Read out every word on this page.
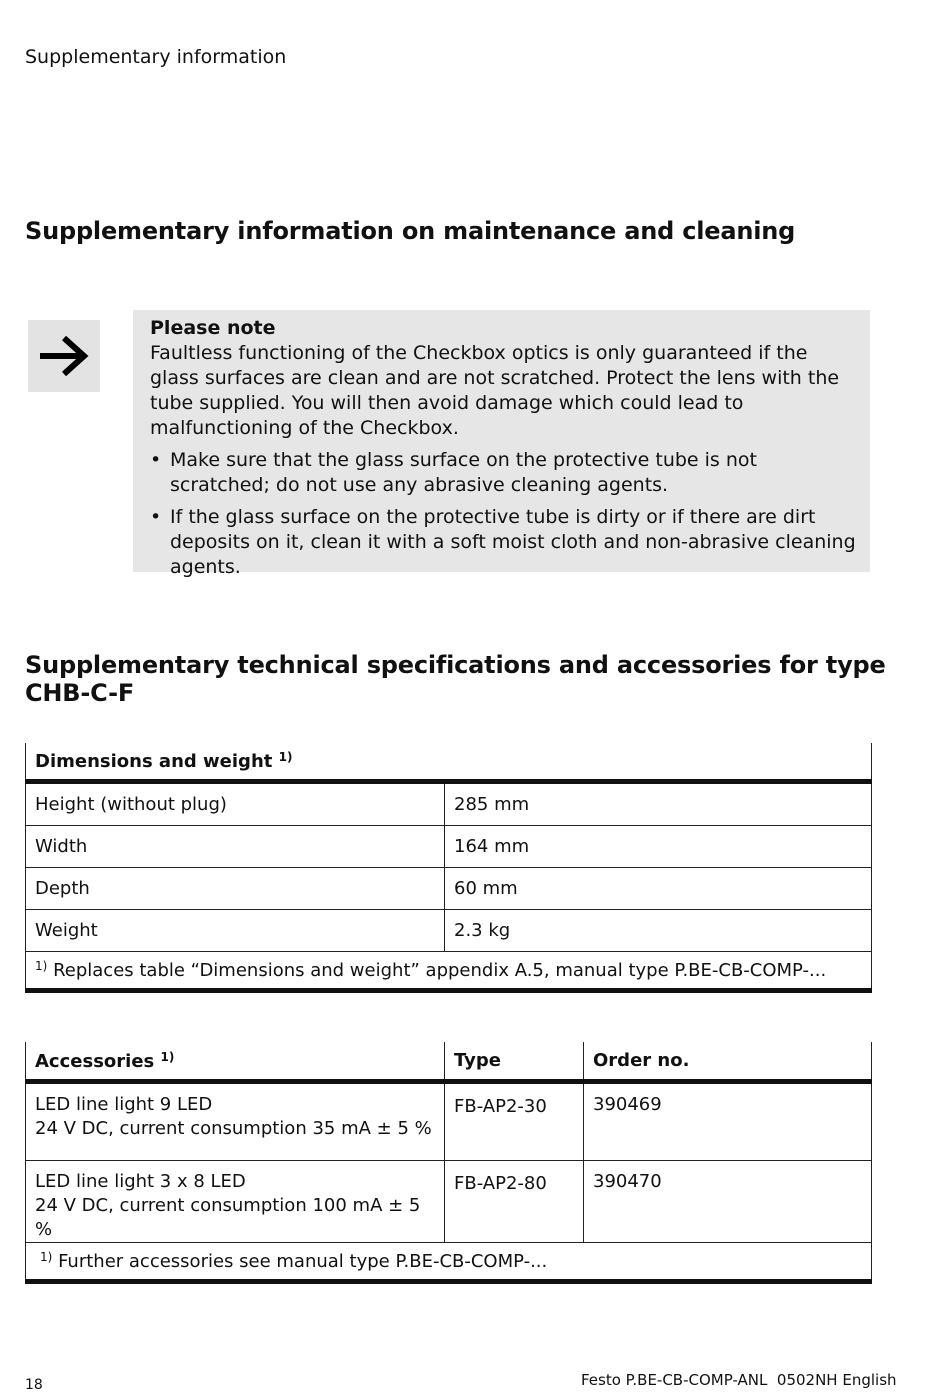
Supplementary information
Supplementary information on maintenance and cleaning
Please note
Faultless functioning of the Checkbox optics is only guaranteed if the glass surfaces are clean and are not scratched. Protect the lens with the tube supplied. You will then avoid damage which could lead to malfunctioning of the Checkbox.
• Make sure that the glass surface on the protective tube is not scratched; do not use any abrasive cleaning agents.
• If the glass surface on the protective tube is dirty or if there are dirt deposits on it, clean it with a soft moist cloth and non-abrasive cleaning agents.
Supplementary technical specifications and accessories for type CHB-C-F
Dimensions and weight $^{1)}$
Height (without plug)	285 mm
Width	164 mm
Depth	60 mm
Weight	2.3 kg
$^{1)}$ Replaces table “Dimensions and weight” appendix A.5, manual type P.BE-CB-COMP-...	
Accessories $^{1)}$	Type	Order no.

LED line light 9 LED
24 V DC, current consumption 35 mA ± 5 %	FB-AP2-30	390469

LED line light 3 x 8 LED
24 V DC, current consumption 100 mA ± 5 %	FB-AP2-80	390470
$^{1)}$ Further accessories see manual type P.BE-CB-COMP-...		
18	Festo P.BE-CB-COMP-ANL  0502NH English
